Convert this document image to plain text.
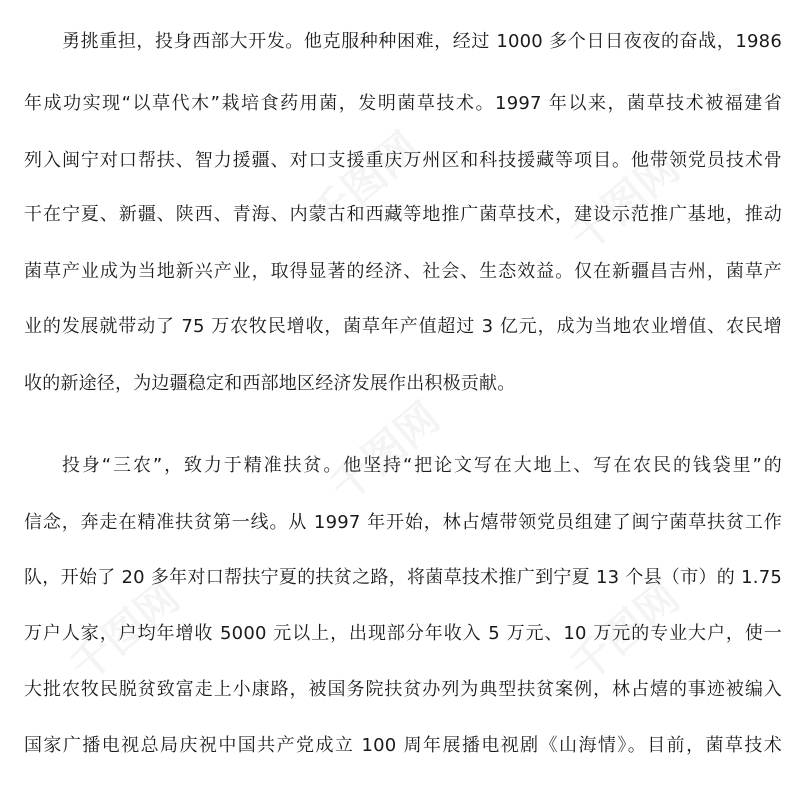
千图网	千图网
千图网
千图网	千图网
勇挑重担，投身西部大开发。他克服种种困难，经过 1000 多个日日夜夜的奋战，1986
年成功实现“以草代木”栽培食药用菌，发明菌草技术。1997 年以来，菌草技术被福建省
列入闽宁对口帮扶、智力援疆、对口支援重庆万州区和科技援藏等项目。他带领党员技术骨
干在宁夏、新疆、陕西、青海、内蒙古和西藏等地推广菌草技术，建设示范推广基地，推动
菌草产业成为当地新兴产业，取得显著的经济、社会、生态效益。仅在新疆昌吉州，菌草产
业的发展就带动了 75 万农牧民增收，菌草年产值超过 3 亿元，成为当地农业增值、农民增
收的新途径，为边疆稳定和西部地区经济发展作出积极贡献。
投身“三农”，致力于精准扶贫。他坚持“把论文写在大地上、写在农民的钱袋里”的
信念，奔走在精准扶贫第一线。从 1997 年开始，林占熺带领党员组建了闽宁菌草扶贫工作
队，开始了 20 多年对口帮扶宁夏的扶贫之路，将菌草技术推广到宁夏 13 个县（市）的 1.75
万户人家，户均年增收 5000 元以上，出现部分年收入 5 万元、10 万元的专业大户，使一
大批农牧民脱贫致富走上小康路，被国务院扶贫办列为典型扶贫案例，林占熺的事迹被编入
国家广播电视总局庆祝中国共产党成立 100 周年展播电视剧《山海情》。目前，菌草技术
